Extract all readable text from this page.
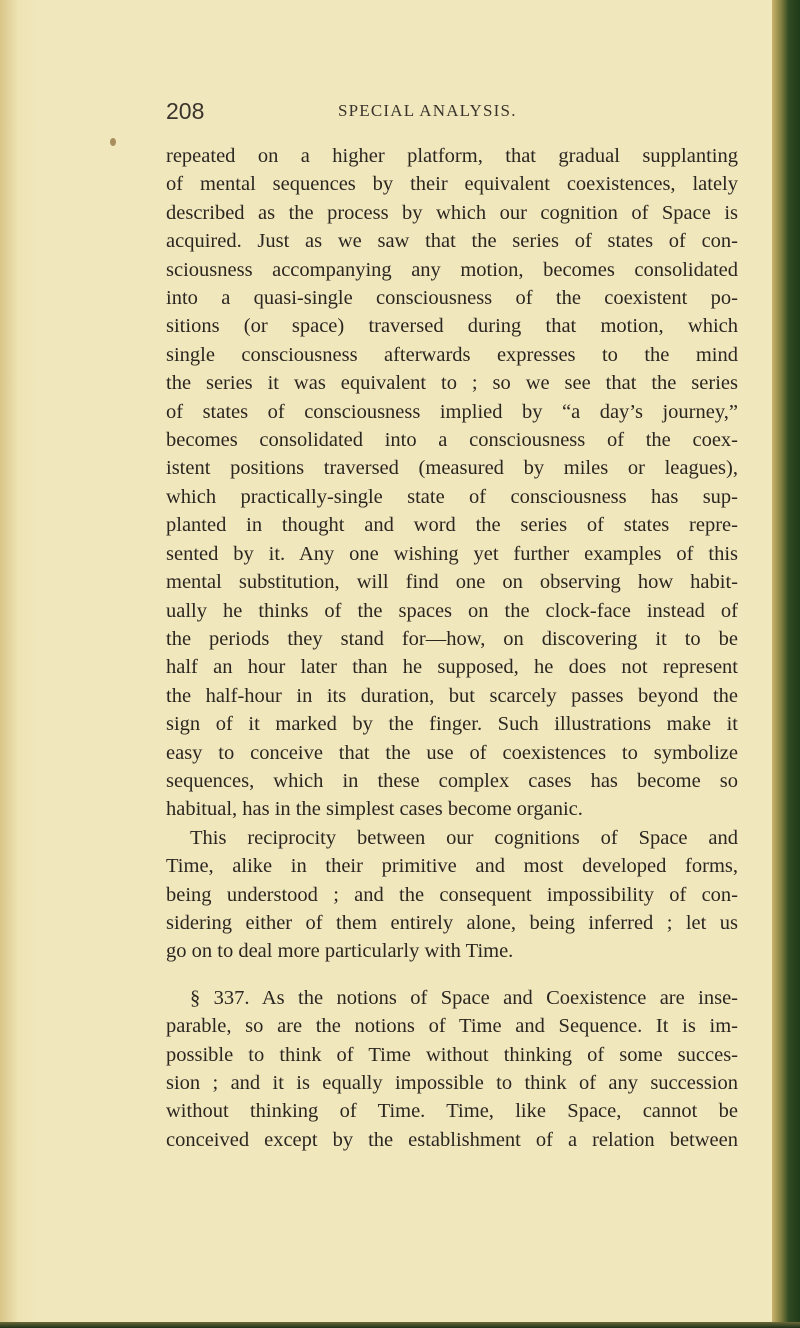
208	SPECIAL ANALYSIS.
repeated on a higher platform, that gradual supplanting
of mental sequences by their equivalent coexistences, lately
described as the process by which our cognition of Space is
acquired. Just as we saw that the series of states of con-
sciousness accompanying any motion, becomes consolidated
into a quasi-single consciousness of the coexistent po-
sitions (or space) traversed during that motion, which
single consciousness afterwards expresses to the mind
the series it was equivalent to ; so we see that the series
of states of consciousness implied by “a day’s journey,”
becomes consolidated into a consciousness of the coex-
istent positions traversed (measured by miles or leagues),
which practically-single state of consciousness has sup-
planted in thought and word the series of states repre-
sented by it. Any one wishing yet further examples of this
mental substitution, will find one on observing how habit-
ually he thinks of the spaces on the clock-face instead of
the periods they stand for—how, on discovering it to be
half an hour later than he supposed, he does not represent
the half-hour in its duration, but scarcely passes beyond the
sign of it marked by the finger. Such illustrations make it
easy to conceive that the use of coexistences to symbolize
sequences, which in these complex cases has become so
habitual, has in the simplest cases become organic.
This reciprocity between our cognitions of Space and
Time, alike in their primitive and most developed forms,
being understood ; and the consequent impossibility of con-
sidering either of them entirely alone, being inferred ; let us
go on to deal more particularly with Time.
§ 337. As the notions of Space and Coexistence are inse-
parable, so are the notions of Time and Sequence. It is im-
possible to think of Time without thinking of some succes-
sion ; and it is equally impossible to think of any succession
without thinking of Time. Time, like Space, cannot be
conceived except by the establishment of a relation between
